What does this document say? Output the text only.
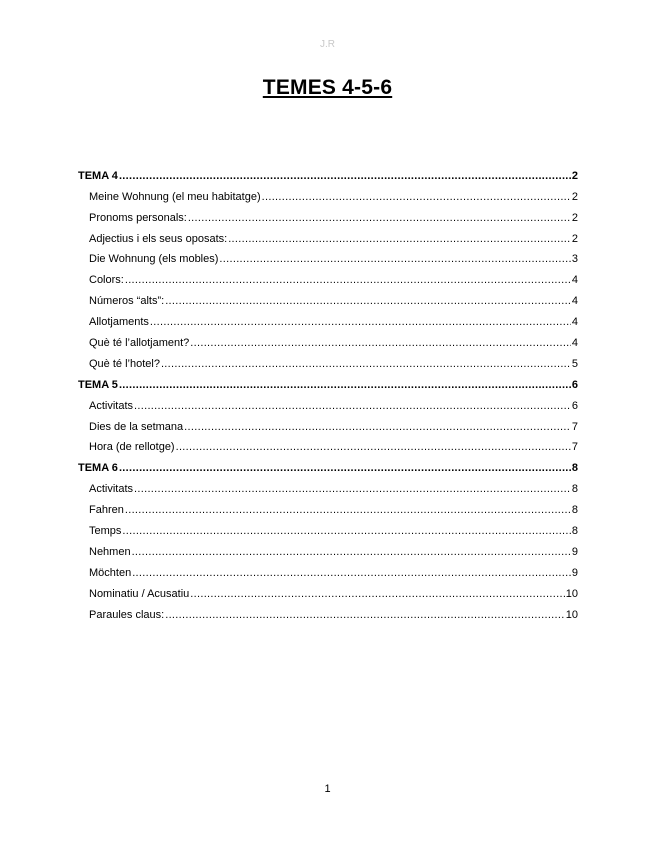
J.R
TEMES 4-5-6
TEMA 4 .....	2
Meine Wohnung (el meu habitatge) .....	2
Pronoms personals: .....	2
Adjectius i els seus oposats: .....	2
Die Wohnung (els mobles) .....	3
Colors: .....	4
Números “alts”: .....	4
Allotjaments .....	4
Què té l’allotjament? .....	4
Què té l’hotel? .....	5
TEMA 5 .....	6
Activitats .....	6
Dies de la setmana .....	7
Hora (de rellotge) .....	7
TEMA 6 .....	8
Activitats .....	8
Fahren .....	8
Temps .....	8
Nehmen .....	9
Möchten .....	9
Nominatiu / Acusatiu .....	10
Paraules claus: .....	10
1
